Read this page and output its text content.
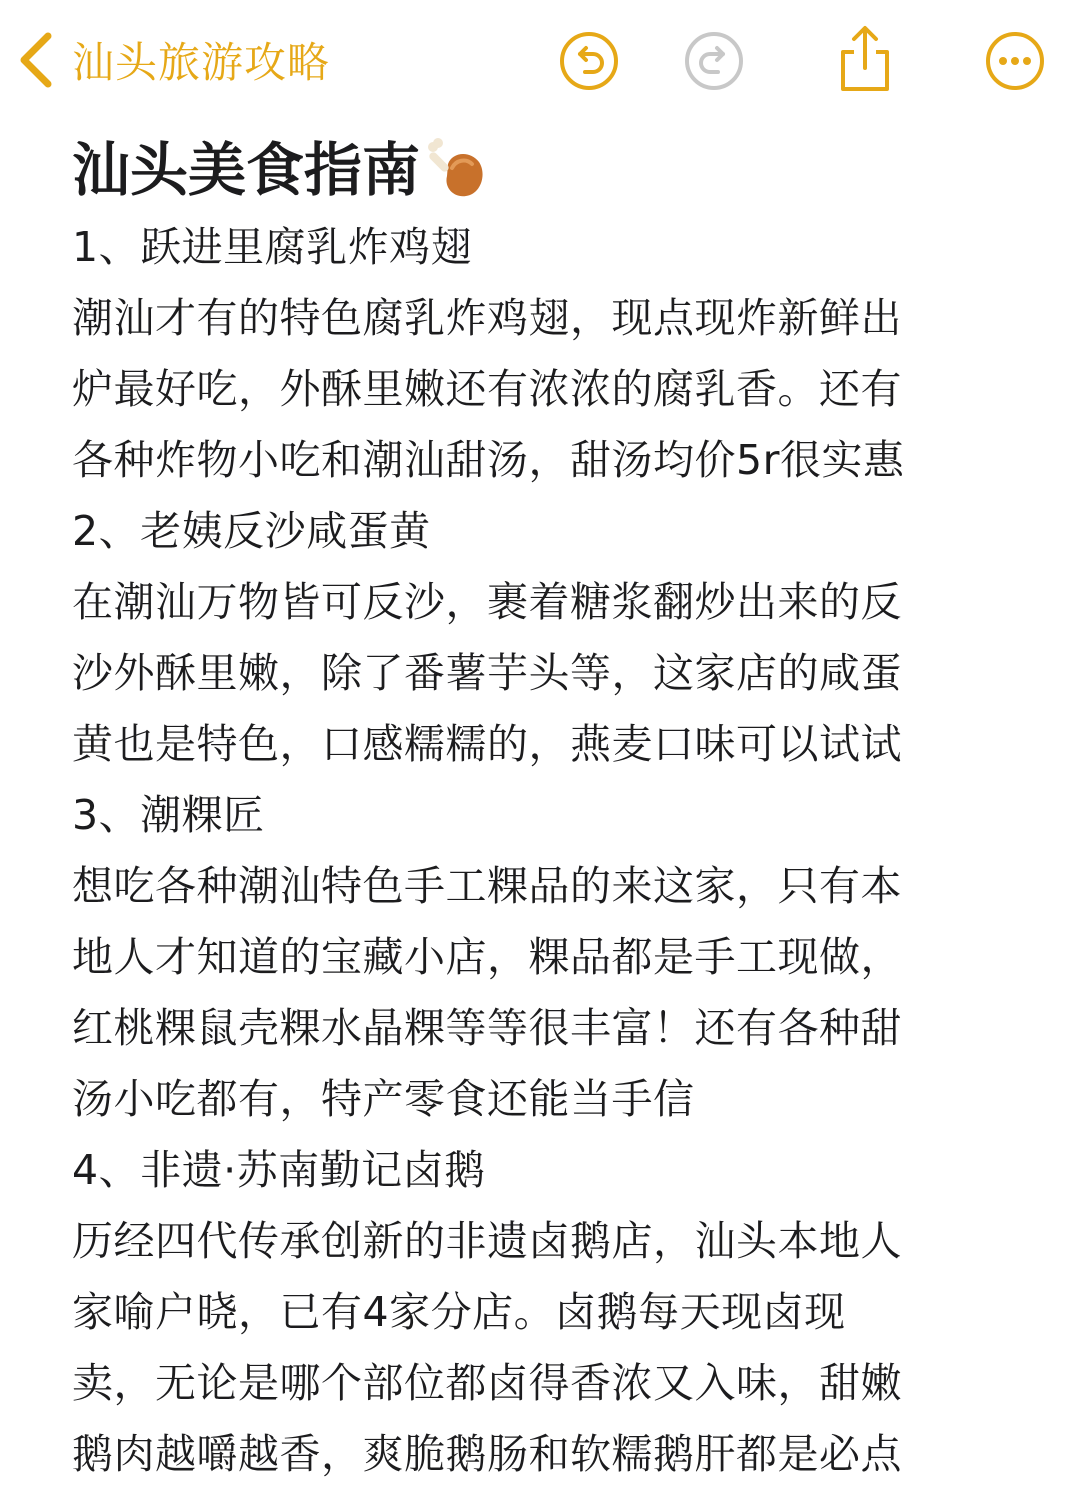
汕头旅游攻略
汕头美食指南
1、跃进里腐乳炸鸡翅
潮汕才有的特色腐乳炸鸡翅，现点现炸新鲜出
炉最好吃，外酥里嫩还有浓浓的腐乳香。还有
各种炸物小吃和潮汕甜汤，甜汤均价5r很实惠
2、老姨反沙咸蛋黄
在潮汕万物皆可反沙，裹着糖浆翻炒出来的反
沙外酥里嫩，除了番薯芋头等，这家店的咸蛋
黄也是特色，口感糯糯的，燕麦口味可以试试
3、潮粿匠
想吃各种潮汕特色手工粿品的来这家，只有本
地人才知道的宝藏小店，粿品都是手工现做，
红桃粿鼠壳粿水晶粿等等很丰富！还有各种甜
汤小吃都有，特产零食还能当手信
4、非遗·苏南勤记卤鹅
历经四代传承创新的非遗卤鹅店，汕头本地人
家喻户晓，已有4家分店。卤鹅每天现卤现
卖，无论是哪个部位都卤得香浓又入味，甜嫩
鹅肉越嚼越香，爽脆鹅肠和软糯鹅肝都是必点
